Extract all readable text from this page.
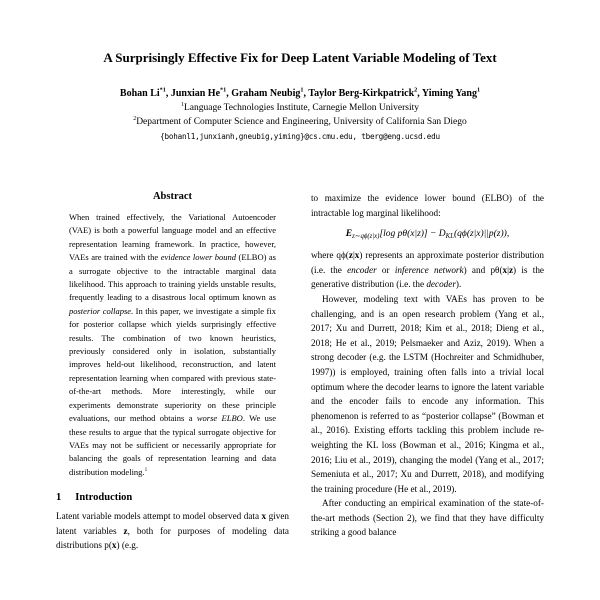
A Surprisingly Effective Fix for Deep Latent Variable Modeling of Text
Bohan Li$^{*1}$, Junxian He$^{*1}$, Graham Neubig$^1$, Taylor Berg-Kirkpatrick$^2$, Yiming Yang$^1$
$^1$Language Technologies Institute, Carnegie Mellon University
$^2$Department of Computer Science and Engineering, University of California San Diego
{bohanl1,junxianh,gneubig,yiming}@cs.cmu.edu, tberg@eng.ucsd.edu
Abstract
When trained effectively, the Variational Autoencoder (VAE) is both a powerful language model and an effective representation learning framework. In practice, however, VAEs are trained with the evidence lower bound (ELBO) as a surrogate objective to the intractable marginal data likelihood. This approach to training yields unstable results, frequently leading to a disastrous local optimum known as posterior collapse. In this paper, we investigate a simple fix for posterior collapse which yields surprisingly effective results. The combination of two known heuristics, previously considered only in isolation, substantially improves held-out likelihood, reconstruction, and latent representation learning when compared with previous state-of-the-art methods. More interestingly, while our experiments demonstrate superiority on these principle evaluations, our method obtains a worse ELBO. We use these results to argue that the typical surrogate objective for VAEs may not be sufficient or necessarily appropriate for balancing the goals of representation learning and data distribution modeling.$^1$
1 Introduction
Latent variable models attempt to model observed data x given latent variables z, both for purposes of modeling data distributions p(x) (e.g.
to maximize the evidence lower bound (ELBO) of the intractable log marginal likelihood:
$E_{z\sim q\phi(z|x)}[\log$ $p\theta(x|z)] - D_{KL}(q\phi(z|x)||p(z))$,
where qϕ(z|x) represents an approximate posterior distribution (i.e. the encoder or inference network) and pθ(x|z) is the generative distribution (i.e. the decoder).
However, modeling text with VAEs has proven to be challenging, and is an open research problem (Yang et al., 2017; Xu and Durrett, 2018; Kim et al., 2018; Dieng et al., 2018; He et al., 2019; Pelsmaeker and Aziz, 2019). When a strong decoder (e.g. the LSTM (Hochreiter and Schmidhuber, 1997)) is employed, training often falls into a trivial local optimum where the decoder learns to ignore the latent variable and the encoder fails to encode any information. This phenomenon is referred to as “posterior collapse” (Bowman et al., 2016). Existing efforts tackling this problem include re-weighting the KL loss (Bowman et al., 2016; Kingma et al., 2016; Liu et al., 2019), changing the model (Yang et al., 2017; Semeniuta et al., 2017; Xu and Durrett, 2018), and modifying the training procedure (He et al., 2019).
After conducting an empirical examination of the state-of-the-art methods (Section 2), we find that they have difficulty striking a good balance
